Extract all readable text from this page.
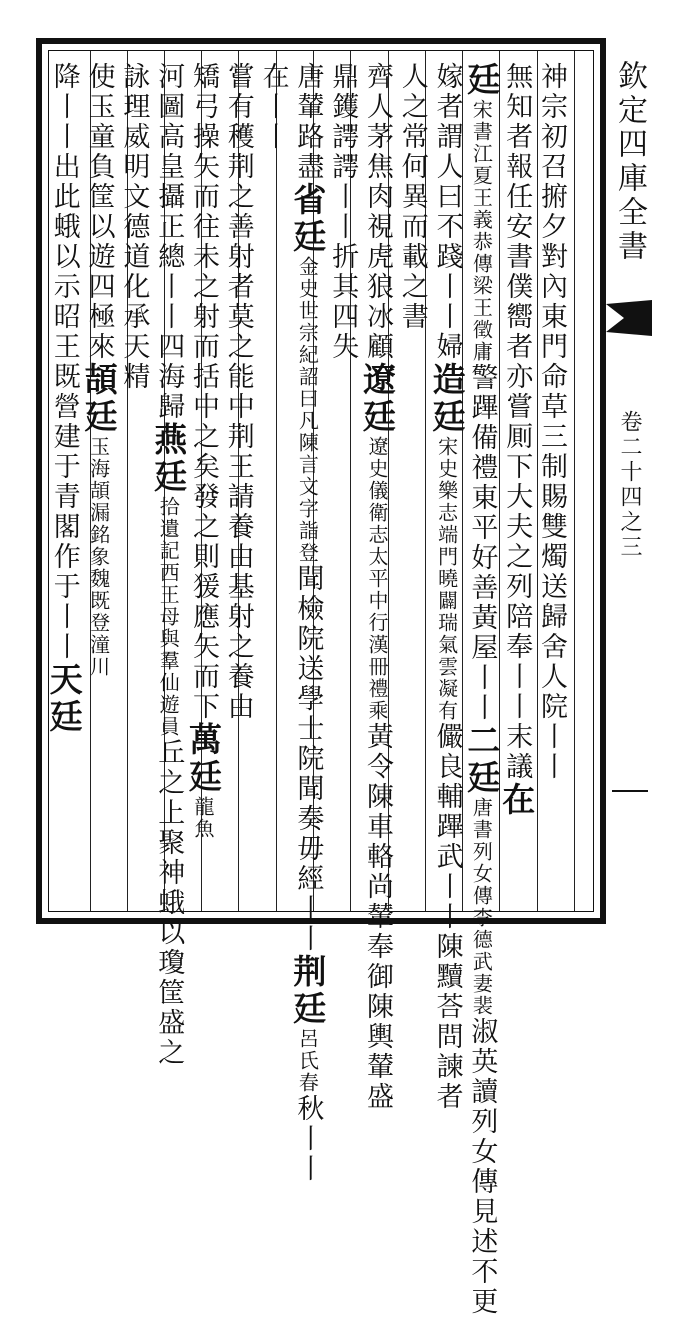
神宗初召捬夕對內東門命草三制賜雙燭送歸舍人院丨丨
無知者報任安書僕嚮者亦嘗厠下大夫之列陪奉丨丨末議在
廷宋書江夏王義恭傳梁王徵庸警蹕備禮東平好善黃屋丨丨二廷唐書列女傳李德武妻裴淑英讀列女傳見述不更
嫁者謂人曰不踐丨丨婦造廷宋史樂志端門曉闢瑞氣雲凝有儼良輔蹕武丨丨陳黷荅問諫者
人之常何異而載之書
齊人茅焦肉視虎狼冰顧遼廷遼史儀衛志太平中行漢冊禮乘黃令陳車輅尚輦奉御陳輿輦盛
鼎鑊諤諤丨丨折其四失
唐輦路盡省廷金史世宗紀詔曰凡陳言文字詣登聞檢院送學士院聞奏毋經丨丨荆廷呂氏春秋丨丨
在丨丨
嘗有穫荆之善射者莫之能中荆王請養由基射之養由
矯弓操矢而往未之射而括中之矣發之則猨應矢而下萬廷龍魚
河圖高皇攝正總丨丨四海歸燕廷拾遺記西王母與羣仙遊員丘之上聚神蛾以瓊筐盛之
詠理威明文德道化承天精
使玉童負筐以遊四極來頡廷玉海頡漏銘象魏既登潼川
降丨丨出此蛾以示昭王既營建于青閣作于丨丨天廷
欽定四庫全書
卷二十四之三
